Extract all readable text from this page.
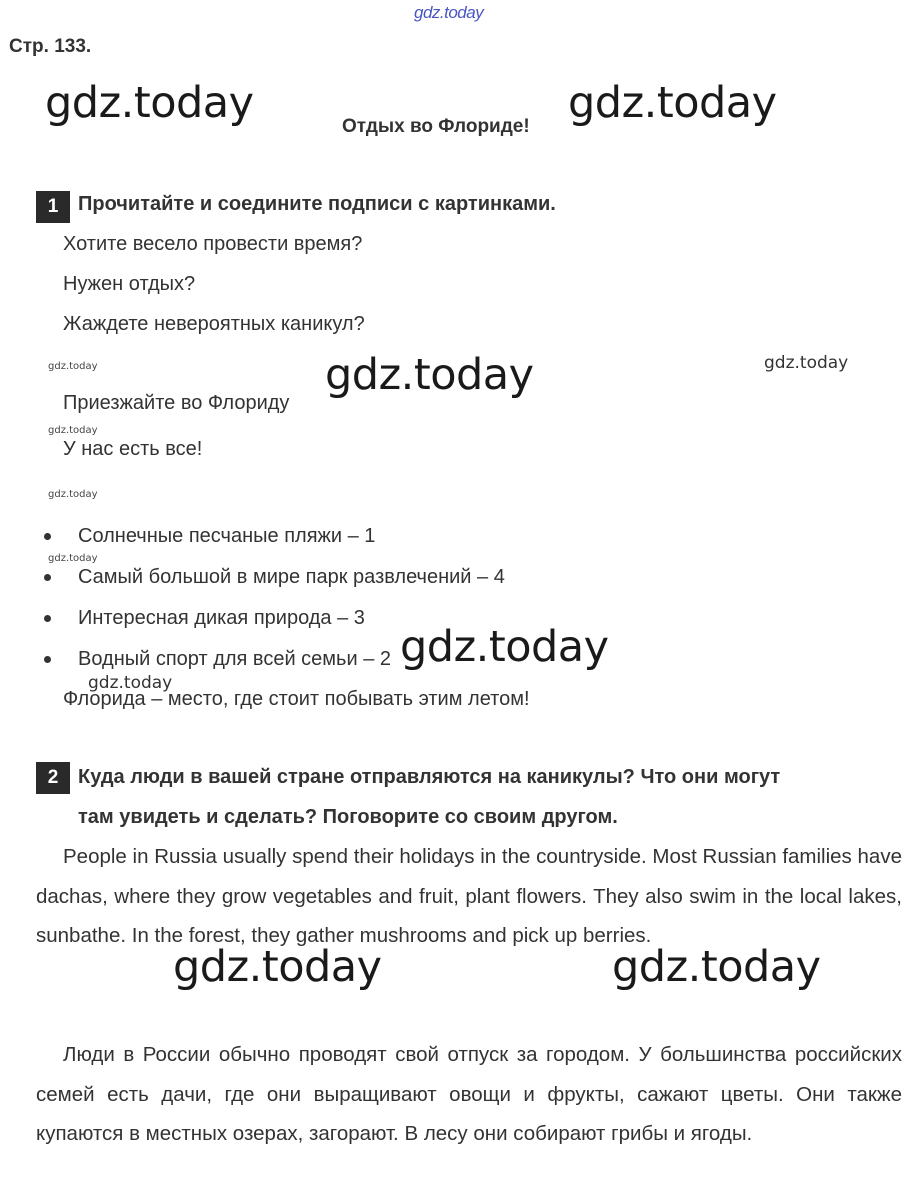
gdz.today
Стр. 133.
Отдых во Флориде!
1 Прочитайте и соедините подписи с картинками.
Хотите весело провести время?
Нужен отдых?
Жаждете невероятных каникул?
Приезжайте во Флориду
У нас есть все!
Солнечные песчаные пляжи – 1
Самый большой в мире парк развлечений – 4
Интересная дикая природа – 3
Водный спорт для всей семьи – 2
Флорида – место, где стоит побывать этим летом!
2 Куда люди в вашей стране отправляются на каникулы? Что они могут
там увидеть и сделать? Поговорите со своим другом.
People in Russia usually spend their holidays in the countryside. Most Russian families have dachas, where they grow vegetables and fruit, plant flowers. They also swim in the local lakes, sunbathe. In the forest, they gather mushrooms and pick up berries.
Люди в России обычно проводят свой отпуск за городом. У большинства российских семей есть дачи, где они выращивают овощи и фрукты, сажают цветы. Они также купаются в местных озерах, загорают. В лесу они собирают грибы и ягоды.
gdz.today	gdz.today
gdz.today
gdz.today
gdz.today	gdz.today
gdz.today
gdz.today
gdz.today
gdz.today
gdz.today
gdz.today
